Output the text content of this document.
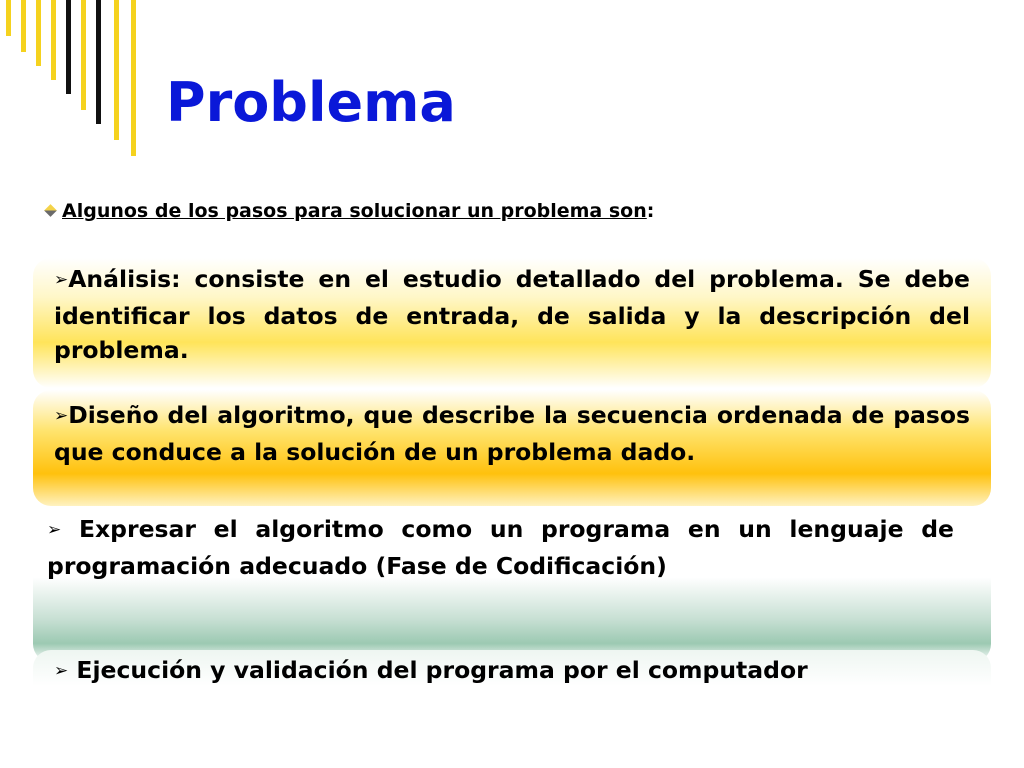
Problema
Algunos de los pasos para solucionar un problema son:

➢Análisis: consiste en el estudio detallado del problema. Se debe identificar los datos de entrada, de salida y la descripción del problema.

➢Diseño del algoritmo, que describe la secuencia ordenada de pasos que conduce a la solución de un problema dado.

➢ Expresar el algoritmo como un programa en un lenguaje de programación adecuado (Fase de Codificación)

➢ Ejecución y validación del programa por el computador
